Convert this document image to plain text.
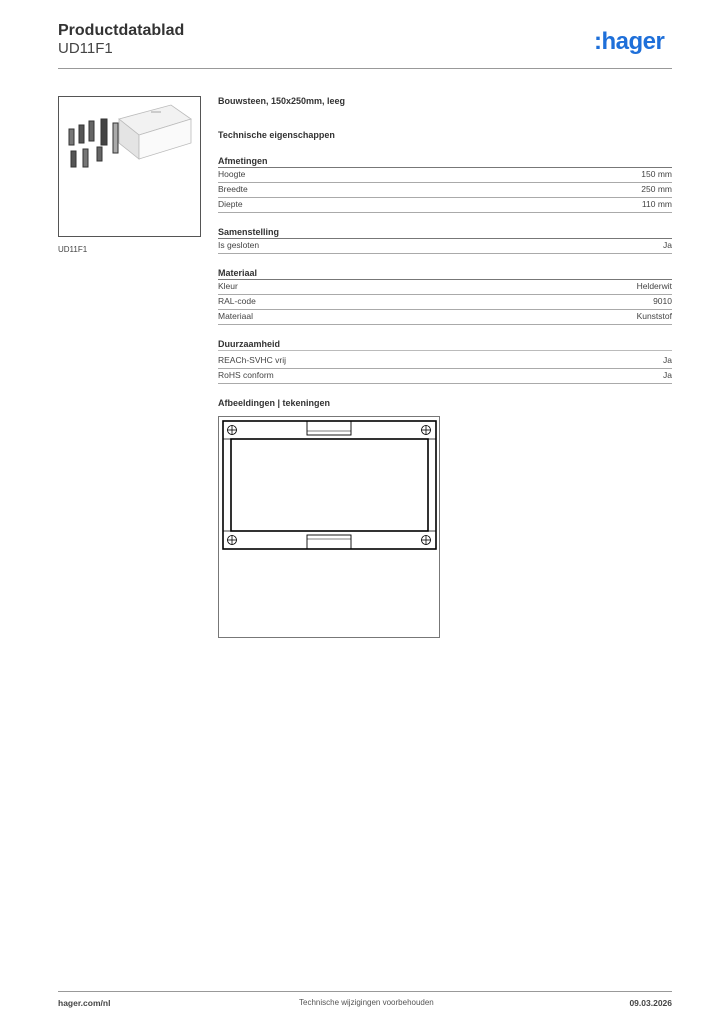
Productdatablad
UD11F1	:hager
UD11F1
Bouwsteen, 150x250mm, leeg
Technische eigenschappen
Afmetingen
Hoogte	150 mm
Breedte	250 mm
Diepte	110 mm
Samenstelling
Is gesloten	Ja
Materiaal
Kleur	Helderwit
RAL-code	9010
Materiaal	Kunststof
Duurzaamheid
REACh-SVHC vrij	Ja
RoHS conform	Ja
Afbeeldingen | tekeningen
hager.com/nl	Technische wijzigingen voorbehouden	09.03.2026
